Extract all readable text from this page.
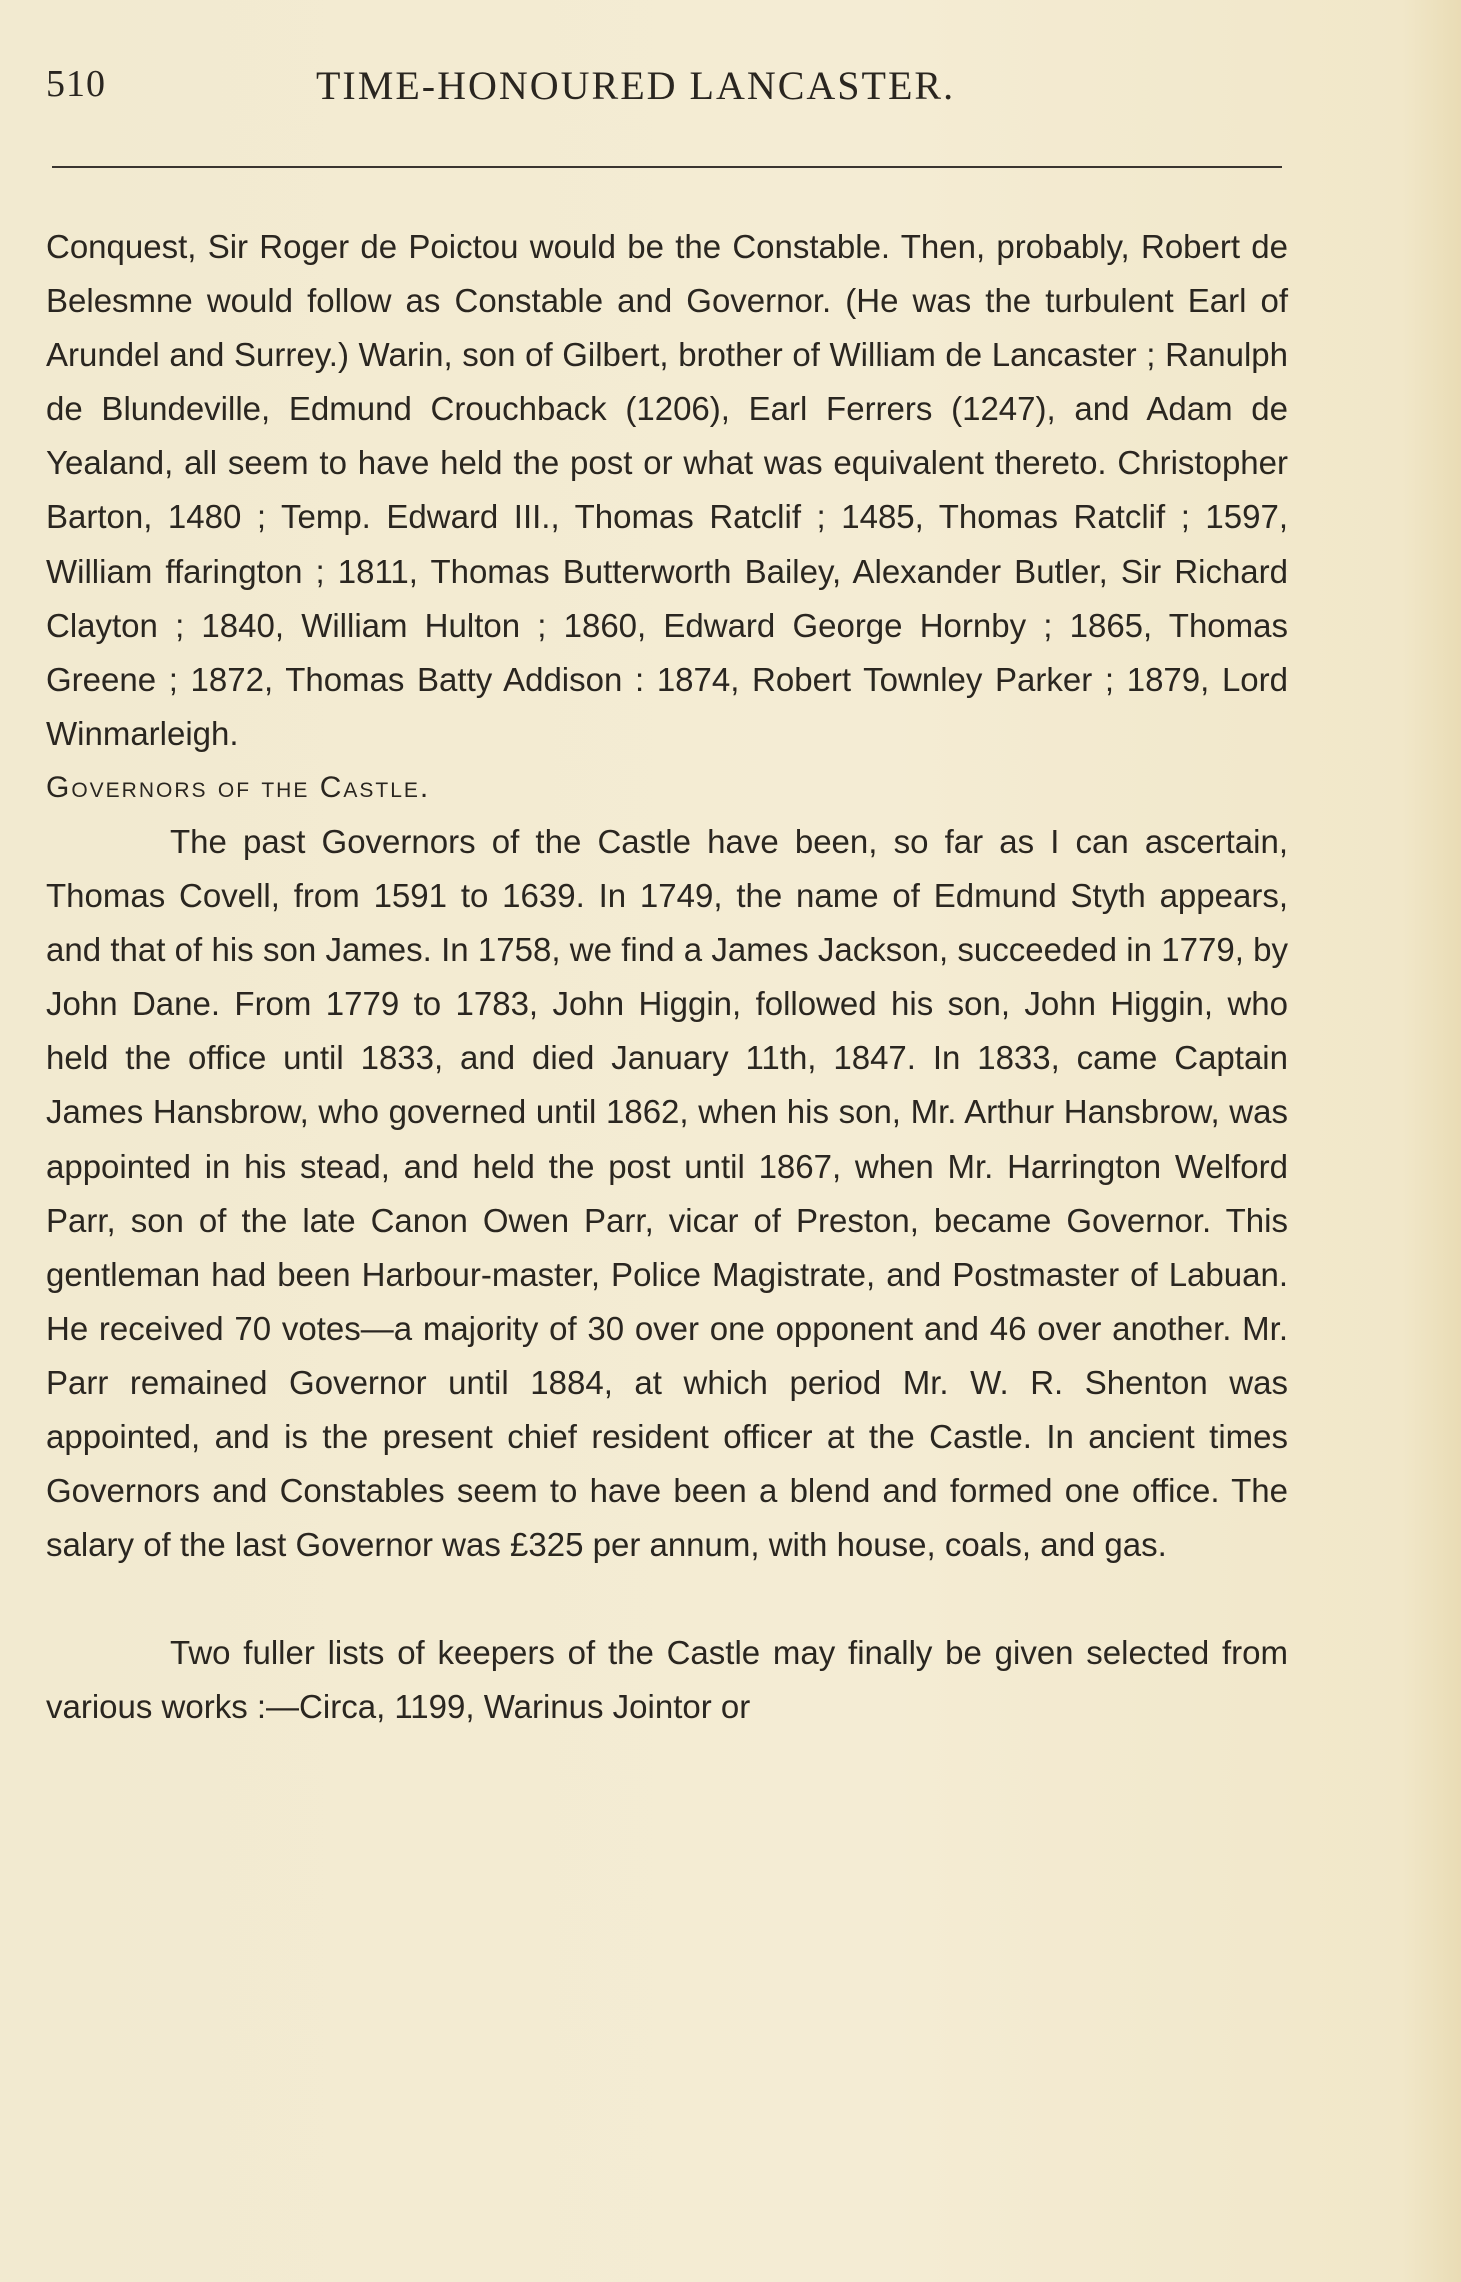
510	TIME-HONOURED LANCASTER.

Conquest, Sir Roger de Poictou would be the Constable. Then, probably, Robert de Belesmne would follow as Constable and Governor. (He was the turbulent Earl of Arundel and Surrey.) Warin, son of Gilbert, brother of William de Lancaster ; Ranulph de Blundeville, Edmund Crouchback (1206), Earl Ferrers (1247), and Adam de Yealand, all seem to have held the post or what was equivalent thereto. Christopher Barton, 1480 ; Temp. Edward III., Thomas Ratclif ; 1485, Thomas Ratclif ; 1597, William ffarington ; 1811, Thomas Butterworth Bailey, Alexander Butler, Sir Richard Clayton ; 1840, William Hulton ; 1860, Edward George Hornby ; 1865, Thomas Greene ; 1872, Thomas Batty Addison : 1874, Robert Townley Parker ; 1879, Lord Winmarleigh.

Governors of the Castle.

The past Governors of the Castle have been, so far as I can ascertain, Thomas Covell, from 1591 to 1639. In 1749, the name of Edmund Styth appears, and that of his son James. In 1758, we find a James Jackson, succeeded in 1779, by John Dane. From 1779 to 1783, John Higgin, followed his son, John Higgin, who held the office until 1833, and died January 11th, 1847. In 1833, came Captain James Hansbrow, who governed until 1862, when his son, Mr. Arthur Hansbrow, was appointed in his stead, and held the post until 1867, when Mr. Harrington Welford Parr, son of the late Canon Owen Parr, vicar of Preston, became Governor. This gentleman had been Harbour-master, Police Magistrate, and Postmaster of Labuan. He received 70 votes—a majority of 30 over one opponent and 46 over another. Mr. Parr remained Governor until 1884, at which period Mr. W. R. Shenton was appointed, and is the present chief resident officer at the Castle. In ancient times Governors and Constables seem to have been a blend and formed one office. The salary of the last Governor was £325 per annum, with house, coals, and gas.

Two fuller lists of keepers of the Castle may finally be given selected from various works :—Circa, 1199, Warinus Jointor or
